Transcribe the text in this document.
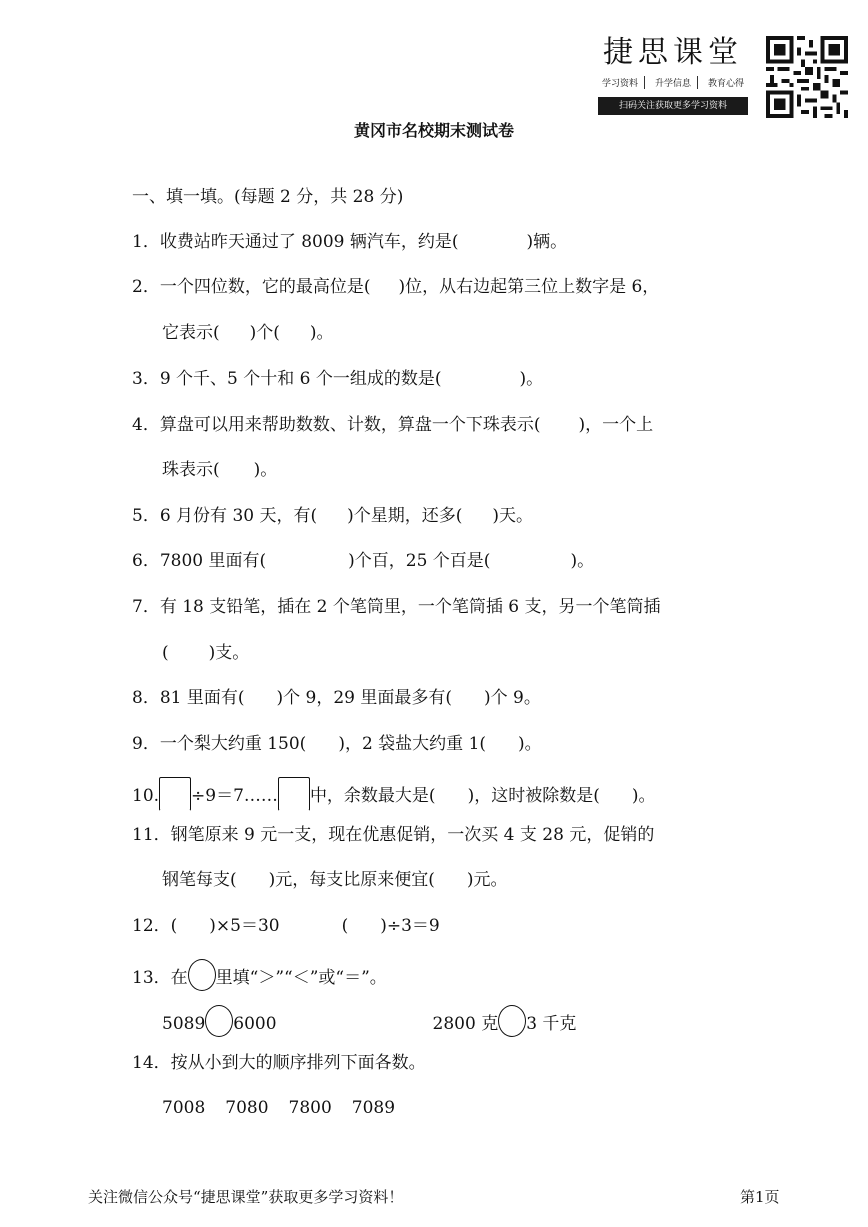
捷思课堂
学习资料	升学信息	教育心得
扫码关注获取更多学习资料
黄冈市名校期末测试卷
一、填一填。(每题 2 分，共 28 分)
1．收费站昨天通过了 8009 辆汽车，约是(	)辆。
2．一个四位数，它的最高位是( )位，从右边起第三位上数字是 6，
它表示( )个( )。
3．9 个千、5 个十和 6 个一组成的数是(	)。
4．算盘可以用来帮助数数、计数，算盘一个下珠表示( )，一个上
珠表示( )。
5．6 月份有 30 天，有( )个星期，还多( )天。
6．7800 里面有(	)个百，25 个百是(	)。
7．有 18 支铅笔，插在 2 个笔筒里，一个笔筒插 6 支，另一个笔筒插
( )支。
8．81 里面有( )个 9，29 里面最多有( )个 9。
9．一个梨大约重 150( )，2 袋盐大约重 1( )。
10. ÷9＝7…… 中，余数最大是( )，这时被除数是( )。
11．钢笔原来 9 元一支，现在优惠促销，一次买 4 支 28 元，促销的
钢笔每支( )元，每支比原来便宜( )元。
12．( )×5＝30	( )÷3＝9
13．在 里填“＞”“＜”或“＝”。
5089 6000	2800 克 3 千克
14．按从小到大的顺序排列下面各数。
7008 7080 7800 7089
关注微信公众号“捷思课堂”获取更多学习资料！	第1页
